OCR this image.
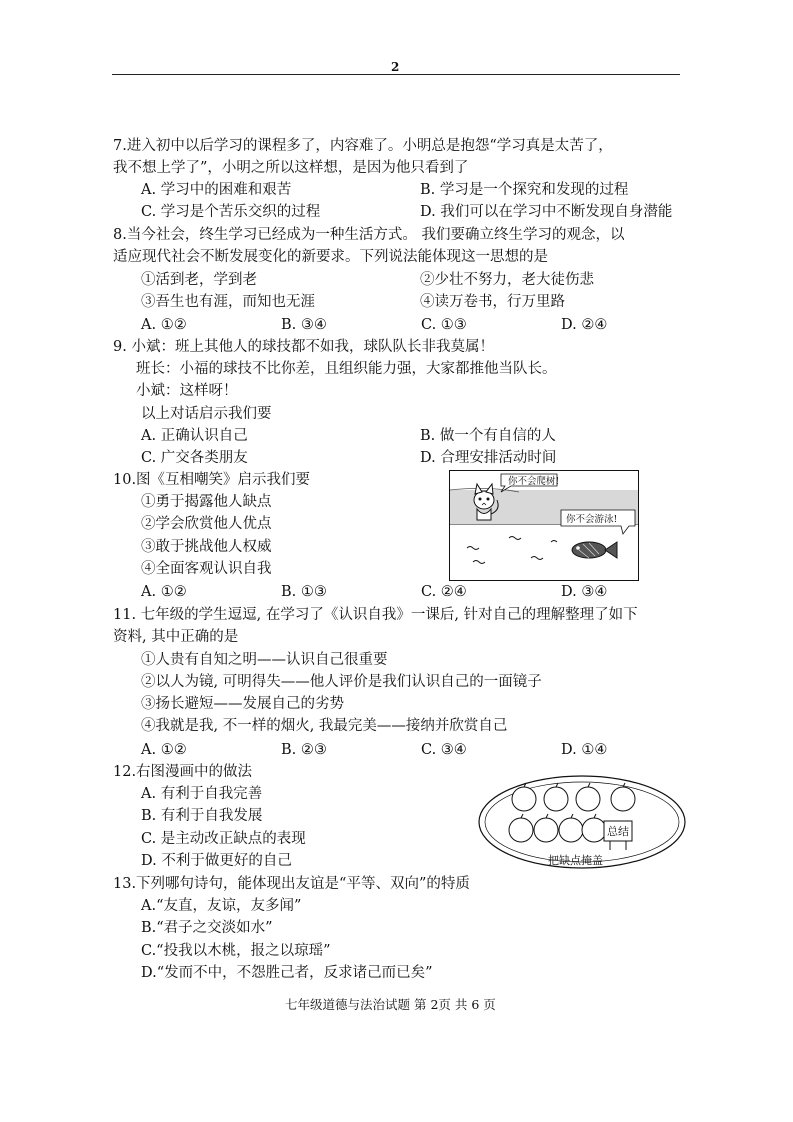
2
7.进入初中以后学习的课程多了，内容难了。小明总是抱怨“学习真是太苦了，
我不想上学了”，小明之所以这样想，是因为他只看到了
A. 学习中的困难和艰苦	B. 学习是一个探究和发现的过程
C. 学习是个苦乐交织的过程	D. 我们可以在学习中不断发现自身潜能
8.当今社会，终生学习已经成为一种生活方式。 我们要确立终生学习的观念，以
适应现代社会不断发展变化的新要求。下列说法能体现这一思想的是
①活到老，学到老	②少壮不努力，老大徒伤悲
③吾生也有涯，而知也无涯	④读万卷书，行万里路
A. ①②	B. ③④	C. ①③	D. ②④
9. 小斌：班上其他人的球技都不如我，球队队长非我莫属！
班长：小福的球技不比你差，且组织能力强，大家都推他当队长。
小斌：这样呀！
以上对话启示我们要
A. 正确认识自己	B. 做一个有自信的人
C. 广交各类朋友	D. 合理安排活动时间
10.图《互相嘲笑》启示我们要
①勇于揭露他人缺点
②学会欣赏他人优点
③敢于挑战他人权威
④全面客观认识自我
A. ①②	B. ①③	C. ②④	D. ③④
你不会爬树!
你不会游泳!
11. 七年级的学生逗逗, 在学习了《认识自我》一课后, 针对自己的理解整理了如下
资料, 其中正确的是
①人贵有自知之明——认识自己很重要
②以人为镜, 可明得失——他人评价是我们认识自己的一面镜子
③扬长避短——发展自己的劣势
④我就是我, 不一样的烟火, 我最完美——接纳并欣赏自己
A. ①②	B. ②③	C. ③④	D. ①④
12.右图漫画中的做法
A. 有利于自我完善
B. 有利于自我发展
C. 是主动改正缺点的表现
D. 不利于做更好的自己
总结
把缺点掩盖
13.下列哪句诗句，能体现出友谊是“平等、双向”的特质
A.“友直，友谅，友多闻”
B.“君子之交淡如水”
C.“投我以木桃，报之以琼瑶”
D.“发而不中，不怨胜己者，反求诸己而已矣”
七年级道德与法治试题 第 2页 共 6 页
